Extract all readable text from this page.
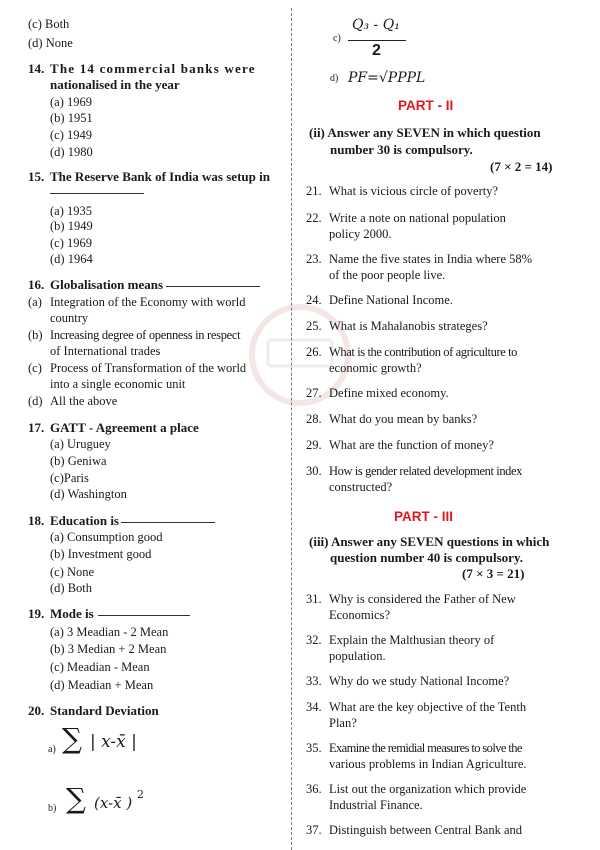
(c) Both
(d) None
14. The 14 commercial banks were
nationalised in the year
(a) 1969
(b) 1951
(c) 1949
(d) 1980
15. The Reserve Bank of India was setup in
(a) 1935
(b) 1949
(c) 1969
(d) 1964
16. Globalisation means
(a) Integration of the Economy with world
country
(b) Increasing degree of openness in respect
of International trades
(c) Process of Transformation of the world
into a single economic unit
(d) All the above
17. GATT - Agreement a place
(a) Uruguey
(b) Geniwa
(c)Paris
(d) Washington
18. Education is
(a) Consumption good
(b) Investment good
(c) None
(d) Both
19. Mode is
(a) 3 Meadian - 2 Mean
(b) 3 Median + 2 Mean
(c) Meadian - Mean
(d) Meadian + Mean
20. Standard Deviation
a) ∑ | x-x̄ |
b) ∑ (x-x̄ ) 2
c)
Q₃ - Q₁
2
d) PF=√PPPL
PART - II
(ii) Answer any SEVEN in which question
number 30 is compulsory.
(7 × 2 = 14)
21. What is vicious circle of poverty?
22. Write a note on national population
policy 2000.
23. Name the five states in India where 58%
of the poor people live.
24. Define National Income.
25. What is Mahalanobis strateges?
26. What is the contribution of agriculture to
economic growth?
27. Define mixed economy.
28. What do you mean by banks?
29. What are the function of money?
30. How is gender related development index
constructed?
PART - III
(iii) Answer any SEVEN questions in which
question number 40 is compulsory.
(7 × 3 = 21)
31. Why is considered the Father of New
Economics?
32. Explain the Malthusian theory of
population.
33. Why do we study National Income?
34. What are the key objective of the Tenth
Plan?
35. Examine the remidial measures to solve the
various problems in Indian Agriculture.
36. List out the organization which provide
Industrial Finance.
37. Distinguish between Central Bank and
